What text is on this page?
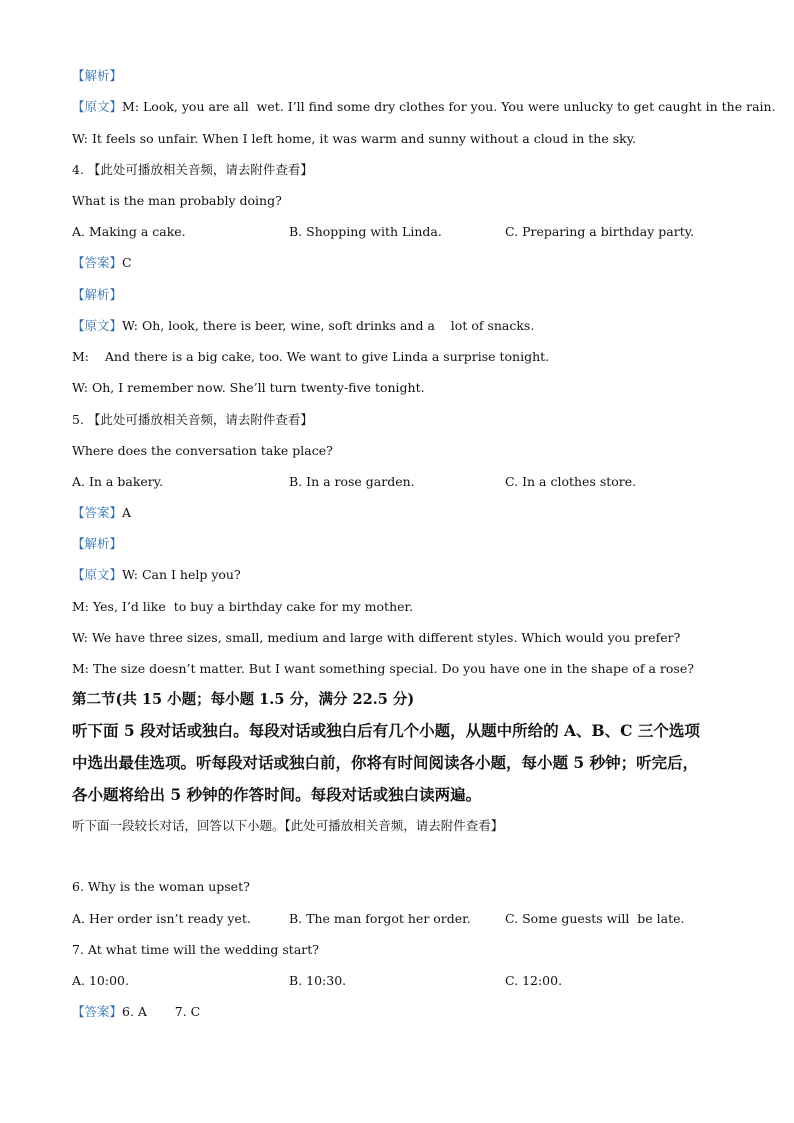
【解析】
【原文】M: Look, you are all  wet. I’ll find some dry clothes for you. You were unlucky to get caught in the rain.
W: It feels so unfair. When I left home, it was warm and sunny without a cloud in the sky.
4. 【此处可播放相关音频，请去附件查看】
What is the man probably doing?
A. Making a cake.	B. Shopping with Linda.	C. Preparing a birthday party.
【答案】C
【解析】
【原文】W: Oh, look, there is beer, wine, soft drinks and a    lot of snacks.
M:    And there is a big cake, too. We want to give Linda a surprise tonight.
W: Oh, I remember now. She’ll turn twenty-five tonight.
5. 【此处可播放相关音频，请去附件查看】
Where does the conversation take place?
A. In a bakery.	B. In a rose garden.	C. In a clothes store.
【答案】A
【解析】
【原文】W: Can I help you?
M: Yes, I’d like  to buy a birthday cake for my mother.
W: We have three sizes, small, medium and large with different styles. Which would you prefer?
M: The size doesn’t matter. But I want something special. Do you have one in the shape of a rose?
第二节(共 15 小题；每小题 1.5 分，满分 22.5 分)
听下面 5 段对话或独白。每段对话或独白后有几个小题，从题中所给的 A、B、C 三个选项
中选出最佳选项。听每段对话或独白前，你将有时间阅读各小题，每小题 5 秒钟；听完后，
各小题将给出 5 秒钟的作答时间。每段对话或独白读两遍。
听下面一段较长对话，回答以下小题。【此处可播放相关音频，请去附件查看】
6. Why is the woman upset?
A. Her order isn’t ready yet.	B. The man forgot her order.	C. Some guests will  be late.
7. At what time will the wedding start?
A. 10:00.	B. 10:30.	C. 12:00.
【答案】6. A       7. C
